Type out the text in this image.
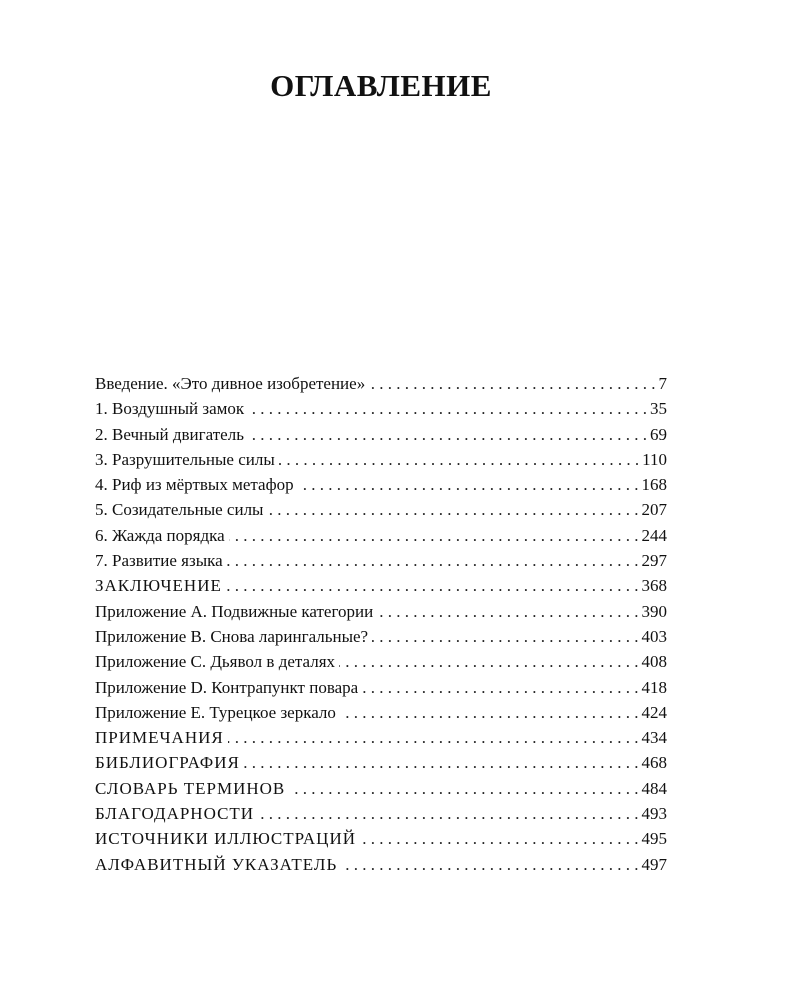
ОГЛАВЛЕНИЕ
Введение. «Это дивное изобретение» . . .	7
1. Воздушный замок . . .	35
2. Вечный двигатель . . .	69
3. Разрушительные силы . . .	110
4. Риф из мёртвых метафор . . .	168
5. Созидательные силы . . .	207
6. Жажда порядка . . .	244
7. Развитие языка . . .	297
ЗАКЛЮЧЕНИЕ . . .	368
Приложение A. Подвижные категории . . .	390
Приложение B. Снова ларингальные? . . .	403
Приложение C. Дьявол в деталях . . .	408
Приложение D. Контрапункт повара . . .	418
Приложение E. Турецкое зеркало . . .	424
ПРИМЕЧАНИЯ . . .	434
БИБЛИОГРАФИЯ . . .	468
СЛОВАРЬ ТЕРМИНОВ . . .	484
БЛАГОДАРНОСТИ . . .	493
ИСТОЧНИКИ ИЛЛЮСТРАЦИЙ . . .	495
АЛФАВИТНЫЙ УКАЗАТЕЛЬ . . .	497
